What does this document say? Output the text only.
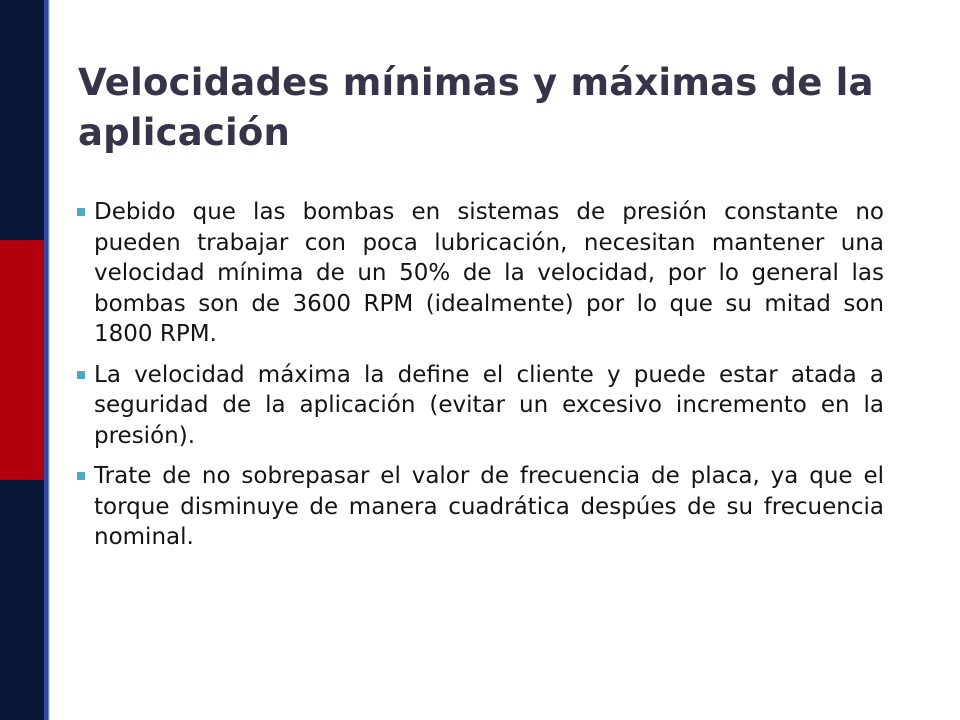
Velocidades mínimas y máximas de la aplicación
Debido que las bombas en sistemas de presión constante no pueden trabajar con poca lubricación, necesitan mantener una velocidad mínima de un 50% de la velocidad, por lo general las bombas son de 3600 RPM (idealmente) por lo que su mitad son 1800 RPM.
La velocidad máxima la define el cliente y puede estar atada a seguridad de la aplicación (evitar un excesivo incremento en la presión).
Trate de no sobrepasar el valor de frecuencia de placa, ya que el torque disminuye de manera cuadrática despúes de su frecuencia nominal.
